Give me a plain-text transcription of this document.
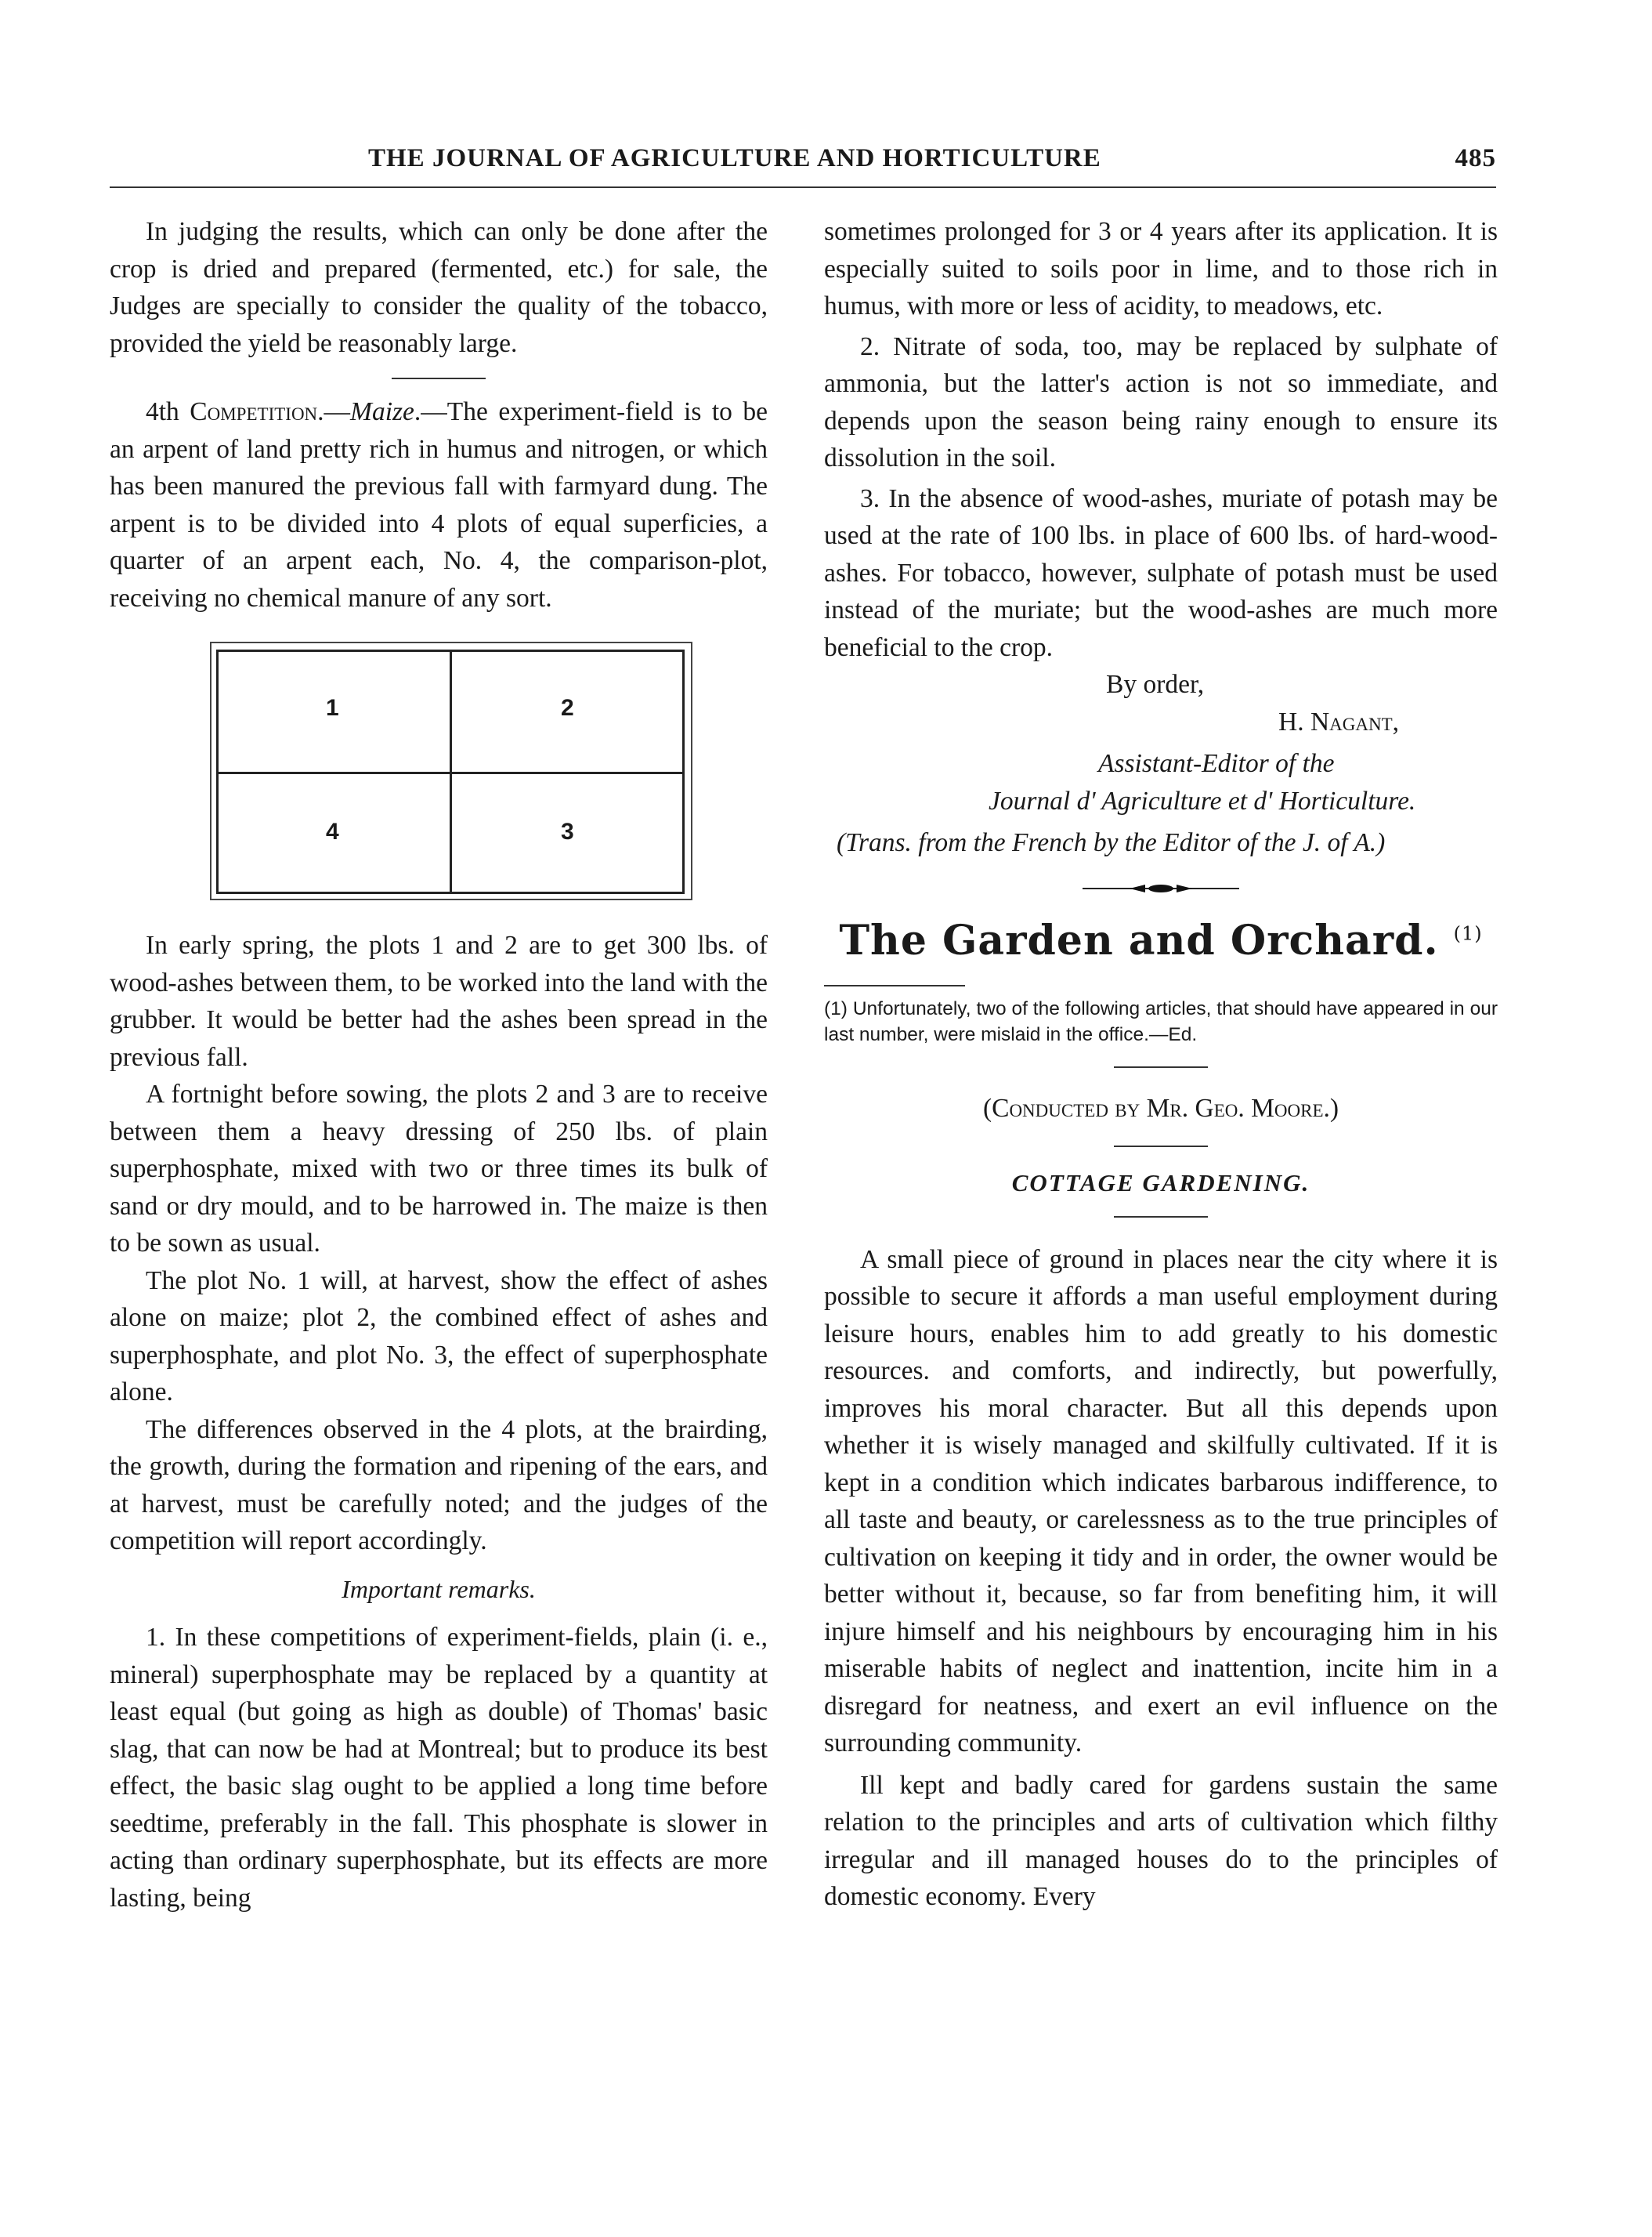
THE JOURNAL OF AGRICULTURE AND HORTICULTURE	485

In judging the results, which can only be done after the crop is dried and prepared (fermented, etc.) for sale, the Judges are specially to consider the quality of the tobacco, provided the yield be reasonably large.

4th Competition.—Maize.—The experiment-field is to be an arpent of land pretty rich in humus and nitrogen, or which has been manured the previous fall with farmyard dung. The arpent is to be divided into 4 plots of equal superficies, a quarter of an arpent each, No. 4, the comparison-plot, receiving no chemical manure of any sort.

1	2
4	3

In early spring, the plots 1 and 2 are to get 300 lbs. of wood-ashes between them, to be worked into the land with the grubber. It would be better had the ashes been spread in the previous fall.

A fortnight before sowing, the plots 2 and 3 are to receive between them a heavy dressing of 250 lbs. of plain superphosphate, mixed with two or three times its bulk of sand or dry mould, and to be harrowed in. The maize is then to be sown as usual.

The plot No. 1 will, at harvest, show the effect of ashes alone on maize; plot 2, the combined effect of ashes and superphosphate, and plot No. 3, the effect of superphosphate alone.

The differences observed in the 4 plots, at the brairding, the growth, during the formation and ripening of the ears, and at harvest, must be carefully noted; and the judges of the competition will report accordingly.

Important remarks.

1. In these competitions of experiment-fields, plain (i. e., mineral) superphosphate may be replaced by a quantity at least equal (but going as high as double) of Thomas' basic slag, that can now be had at Montreal; but to produce its best effect, the basic slag ought to be applied a long time before seedtime, preferably in the fall. This phosphate is slower in acting than ordinary superphosphate, but its effects are more lasting, being

sometimes prolonged for 3 or 4 years after its application. It is especially suited to soils poor in lime, and to those rich in humus, with more or less of acidity, to meadows, etc.

2. Nitrate of soda, too, may be replaced by sulphate of ammonia, but the latter's action is not so immediate, and depends upon the season being rainy enough to ensure its dissolution in the soil.

3. In the absence of wood-ashes, muriate of potash may be used at the rate of 100 lbs. in place of 600 lbs. of hard-wood-ashes. For tobacco, however, sulphate of potash must be used instead of the muriate; but the wood-ashes are much more beneficial to the crop.

By order,
H. Nagant,
Assistant-Editor of the
Journal d' Agriculture et d' Horticulture.
(Trans. from the French by the Editor of the J. of A.)
The Garden and Orchard. $^{(1)}$

(1) Unfortunately, two of the following articles, that should have appeared in our last number, were mislaid in the office.—Ed.

(Conducted by Mr. Geo. Moore.)

COTTAGE GARDENING.

A small piece of ground in places near the city where it is possible to secure it affords a man useful employment during leisure hours, enables him to add greatly to his domestic resources. and comforts, and indirectly, but powerfully, improves his moral character. But all this depends upon whether it is wisely managed and skilfully cultivated. If it is kept in a condition which indicates barbarous indifference, to all taste and beauty, or carelessness as to the true principles of cultivation on keeping it tidy and in order, the owner would be better without it, because, so far from benefiting him, it will injure himself and his neighbours by encouraging him in his miserable habits of neglect and inattention, incite him in a disregard for neatness, and exert an evil influence on the surrounding community.

Ill kept and badly cared for gardens sustain the same relation to the principles and arts of cultivation which filthy irregular and ill managed houses do to the principles of domestic economy. Every
